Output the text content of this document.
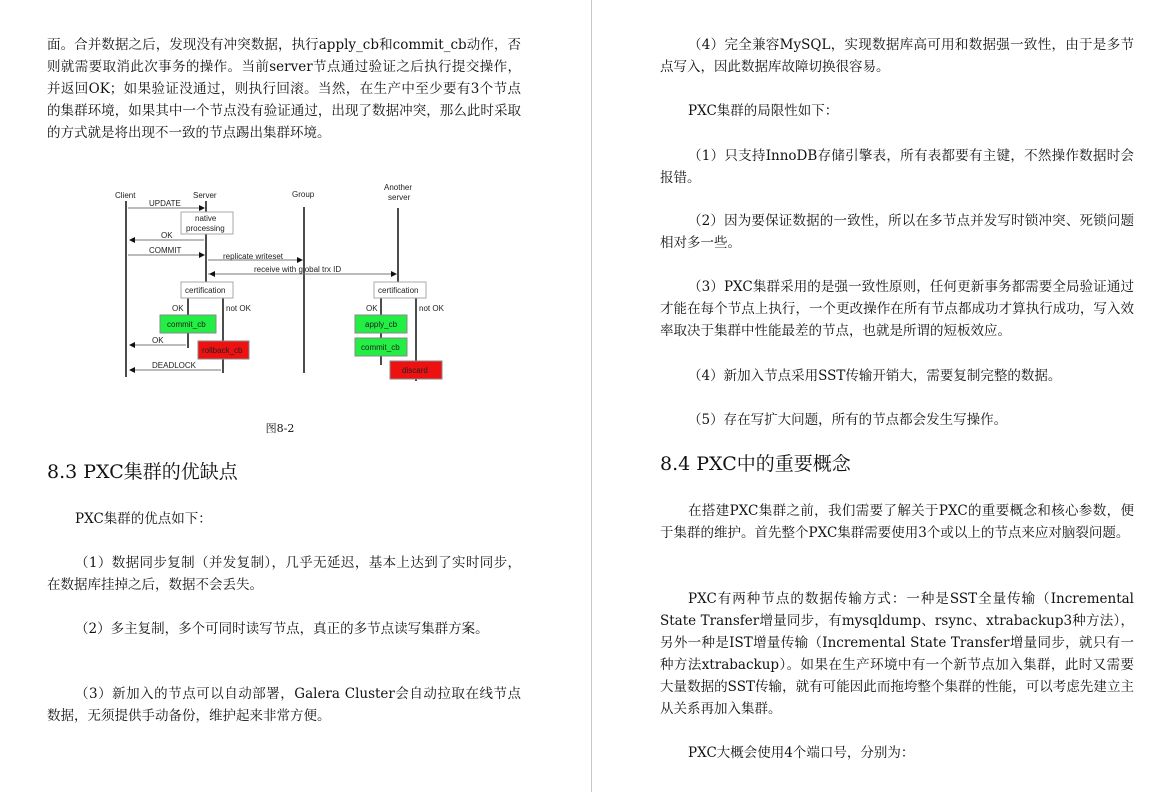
面。合并数据之后，发现没有冲突数据，执行apply_cb和commit_cb动作，否则就需要取消此次事务的操作。当前server节点通过验证之后执行提交操作，并返回OK；如果验证没通过，则执行回滚。当然，在生产中至少要有3个节点的集群环境，如果其中一个节点没有验证通过，出现了数据冲突，那么此时采取的方式就是将出现不一致的节点踢出集群环境。

Client	Server	Group
Another
server
UPDATE
OK
COMMIT
replicate writeset
receive with global trx ID
OK
DEADLOCK
native
processing
certification
commit_cb
rollback_cb
certification
apply_cb
commit_cb
discard
OK	not OK	OK	not OK
图8-2
8.3 PXC集群的优缺点

PXC集群的优点如下：

（1）数据同步复制（并发复制），几乎无延迟，基本上达到了实时同步，在数据库挂掉之后，数据不会丢失。

（2）多主复制，多个可同时读写节点，真正的多节点读写集群方案。

（3）新加入的节点可以自动部署，Galera Cluster会自动拉取在线节点数据，无须提供手动备份，维护起来非常方便。

（4）完全兼容MySQL，实现数据库高可用和数据强一致性，由于是多节点写入，因此数据库故障切换很容易。

PXC集群的局限性如下：

（1）只支持InnoDB存储引擎表，所有表都要有主键，不然操作数据时会报错。

（2）因为要保证数据的一致性，所以在多节点并发写时锁冲突、死锁问题相对多一些。

（3）PXC集群采用的是强一致性原则，任何更新事务都需要全局验证通过才能在每个节点上执行，一个更改操作在所有节点都成功才算执行成功，写入效率取决于集群中性能最差的节点，也就是所谓的短板效应。

（4）新加入节点采用SST传输开销大，需要复制完整的数据。

（5）存在写扩大问题，所有的节点都会发生写操作。

8.4 PXC中的重要概念

在搭建PXC集群之前，我们需要了解关于PXC的重要概念和核心参数，便于集群的维护。首先整个PXC集群需要使用3个或以上的节点来应对脑裂问题。

PXC有两种节点的数据传输方式：一种是SST全量传输（Incremental State Transfer增量同步，有mysqldump、rsync、xtrabackup3种方法），另外一种是IST增量传输（Incremental State Transfer增量同步，就只有一种方法xtrabackup）。如果在生产环境中有一个新节点加入集群，此时又需要大量数据的SST传输，就有可能因此而拖垮整个集群的性能，可以考虑先建立主从关系再加入集群。

PXC大概会使用4个端口号，分别为：
